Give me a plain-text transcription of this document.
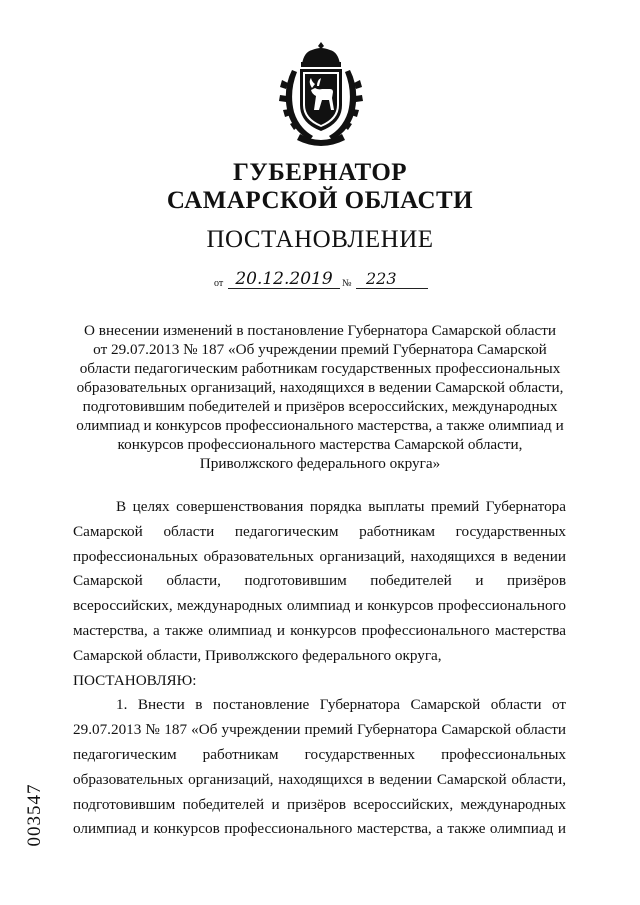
ГУБЕРНАТОР
САМАРСКОЙ ОБЛАСТИ
ПОСТАНОВЛЕНИЕ
от 20.12.2019 № 223
О внесении изменений в постановление Губернатора Самарской области от 29.07.2013 № 187 «Об учреждении премий Губернатора Самарской области педагогическим работникам государственных профессиональных образовательных организаций, находящихся в ведении Самарской области, подготовившим победителей и призёров всероссийских, международных олимпиад и конкурсов профессионального мастерства, а также олимпиад и конкурсов профессионального мастерства Самарской области, Приволжского федерального округа»

В целях совершенствования порядка выплаты премий Губернатора Самарской области педагогическим работникам государственных профессиональных образовательных организаций, находящихся в ведении Самарской области, подготовившим победителей и призёров всероссийских, международных олимпиад и конкурсов профессионального мастерства, а также олимпиад и конкурсов профессионального мастерства Самарской области, Приволжского федерального округа,
ПОСТАНОВЛЯЮ:

1. Внести в постановление Губернатора Самарской области от 29.07.2013 № 187 «Об учреждении премий Губернатора Самарской области педагогическим работникам государственных профессиональных образовательных организаций, находящихся в ведении Самарской области, подготовившим победителей и призёров всероссийских, международных олимпиад и конкурсов профессионального мастерства, а также олимпиад и

003547
